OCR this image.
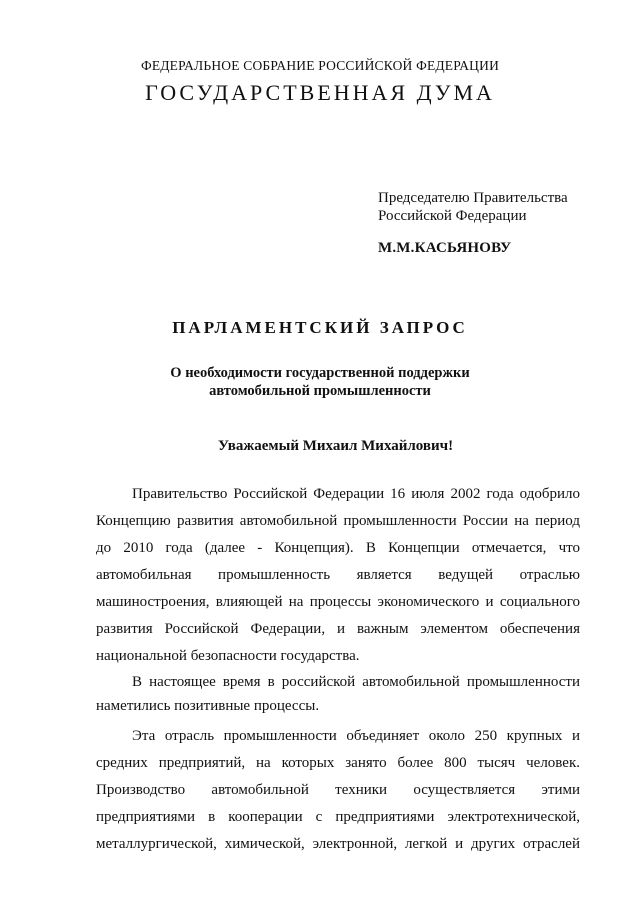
ФЕДЕРАЛЬНОЕ СОБРАНИЕ РОССИЙСКОЙ ФЕДЕРАЦИИ
ГОСУДАРСТВЕННАЯ ДУМА
Председателю Правительства
Российской Федерации
М.М.КАСЬЯНОВУ
ПАРЛАМЕНТСКИЙ ЗАПРОС
О необходимости государственной поддержки
автомобильной промышленности
Уважаемый Михаил Михайлович!
Правительство Российской Федерации 16 июля 2002 года одобрило
Концепцию развития автомобильной промышленности России на период
до 2010 года (далее - Концепция). В Концепции отмечается, что
автомобильная промышленность является ведущей отраслью
машиностроения, влияющей на процессы экономического и социального
развития Российской Федерации, и важным элементом обеспечения
национальной безопасности государства.
В настоящее время в российской автомобильной промышленности
наметились позитивные процессы.
Эта отрасль промышленности объединяет около 250 крупных и
средних предприятий, на которых занято более 800 тысяч человек.
Производство автомобильной техники осуществляется этими
предприятиями в кооперации с предприятиями электротехнической,
металлургической, химической, электронной, легкой и других отраслей
